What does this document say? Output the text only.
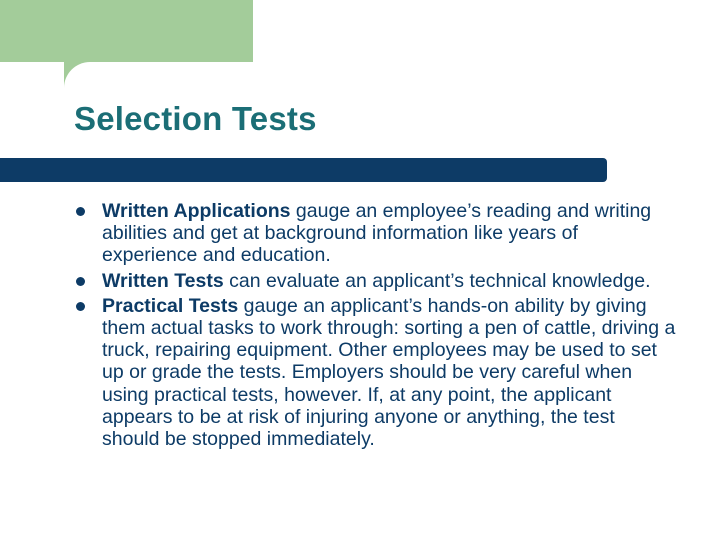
Selection Tests
Written Applications gauge an employee’s reading and writing abilities and get at background information like years of experience and education.
Written Tests can evaluate an applicant’s technical knowledge.
Practical Tests gauge an applicant’s hands-on ability by giving them actual tasks to work through: sorting a pen of cattle, driving a truck, repairing equipment. Other employees may be used to set up or grade the tests. Employers should be very careful when using practical tests, however. If, at any point, the applicant appears to be at risk of injuring anyone or anything, the test should be stopped immediately.
